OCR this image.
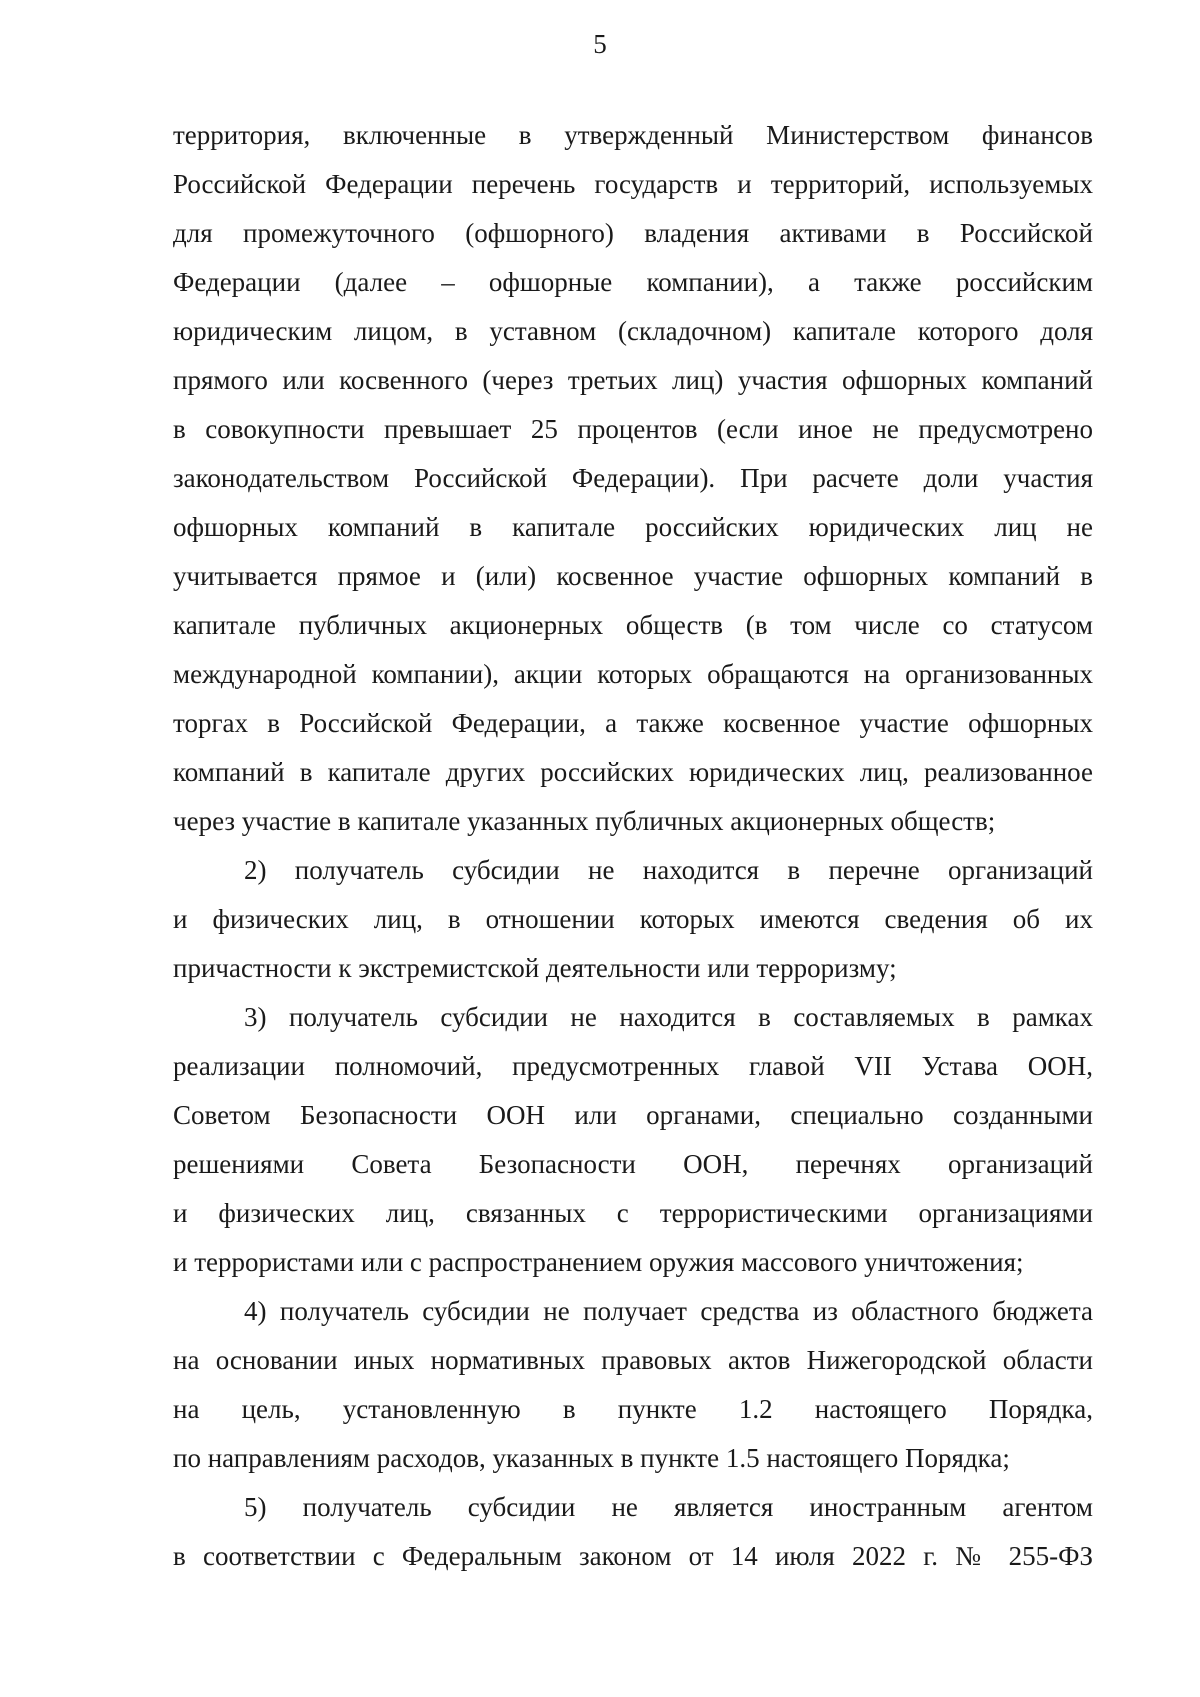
5
территория, включенные в утвержденный Министерством финансов
Российской Федерации перечень государств и территорий, используемых
для промежуточного (офшорного) владения активами в Российской
Федерации (далее – офшорные компании), а также российским
юридическим лицом, в уставном (складочном) капитале которого доля
прямого или косвенного (через третьих лиц) участия офшорных компаний
в совокупности превышает 25 процентов (если иное не предусмотрено
законодательством Российской Федерации). При расчете доли участия
офшорных компаний в капитале российских юридических лиц не
учитывается прямое и (или) косвенное участие офшорных компаний в
капитале публичных акционерных обществ (в том числе со статусом
международной компании), акции которых обращаются на организованных
торгах в Российской Федерации, а также косвенное участие офшорных
компаний в капитале других российских юридических лиц, реализованное
через участие в капитале указанных публичных акционерных обществ;
2) получатель субсидии не находится в перечне организаций
и физических лиц, в отношении которых имеются сведения об их
причастности к экстремистской деятельности или терроризму;
3) получатель субсидии не находится в составляемых в рамках
реализации полномочий, предусмотренных главой VII Устава ООН,
Советом Безопасности ООН или органами, специально созданными
решениями Совета Безопасности ООН, перечнях организаций
и физических лиц, связанных с террористическими организациями
и террористами или с распространением оружия массового уничтожения;
4) получатель субсидии не получает средства из областного бюджета
на основании иных нормативных правовых актов Нижегородской области
на цель, установленную в пункте 1.2 настоящего Порядка,
по направлениям расходов, указанных в пункте 1.5 настоящего Порядка;
5) получатель субсидии не является иностранным агентом
в соответствии с Федеральным законом от 14 июля 2022 г. № 255-ФЗ
